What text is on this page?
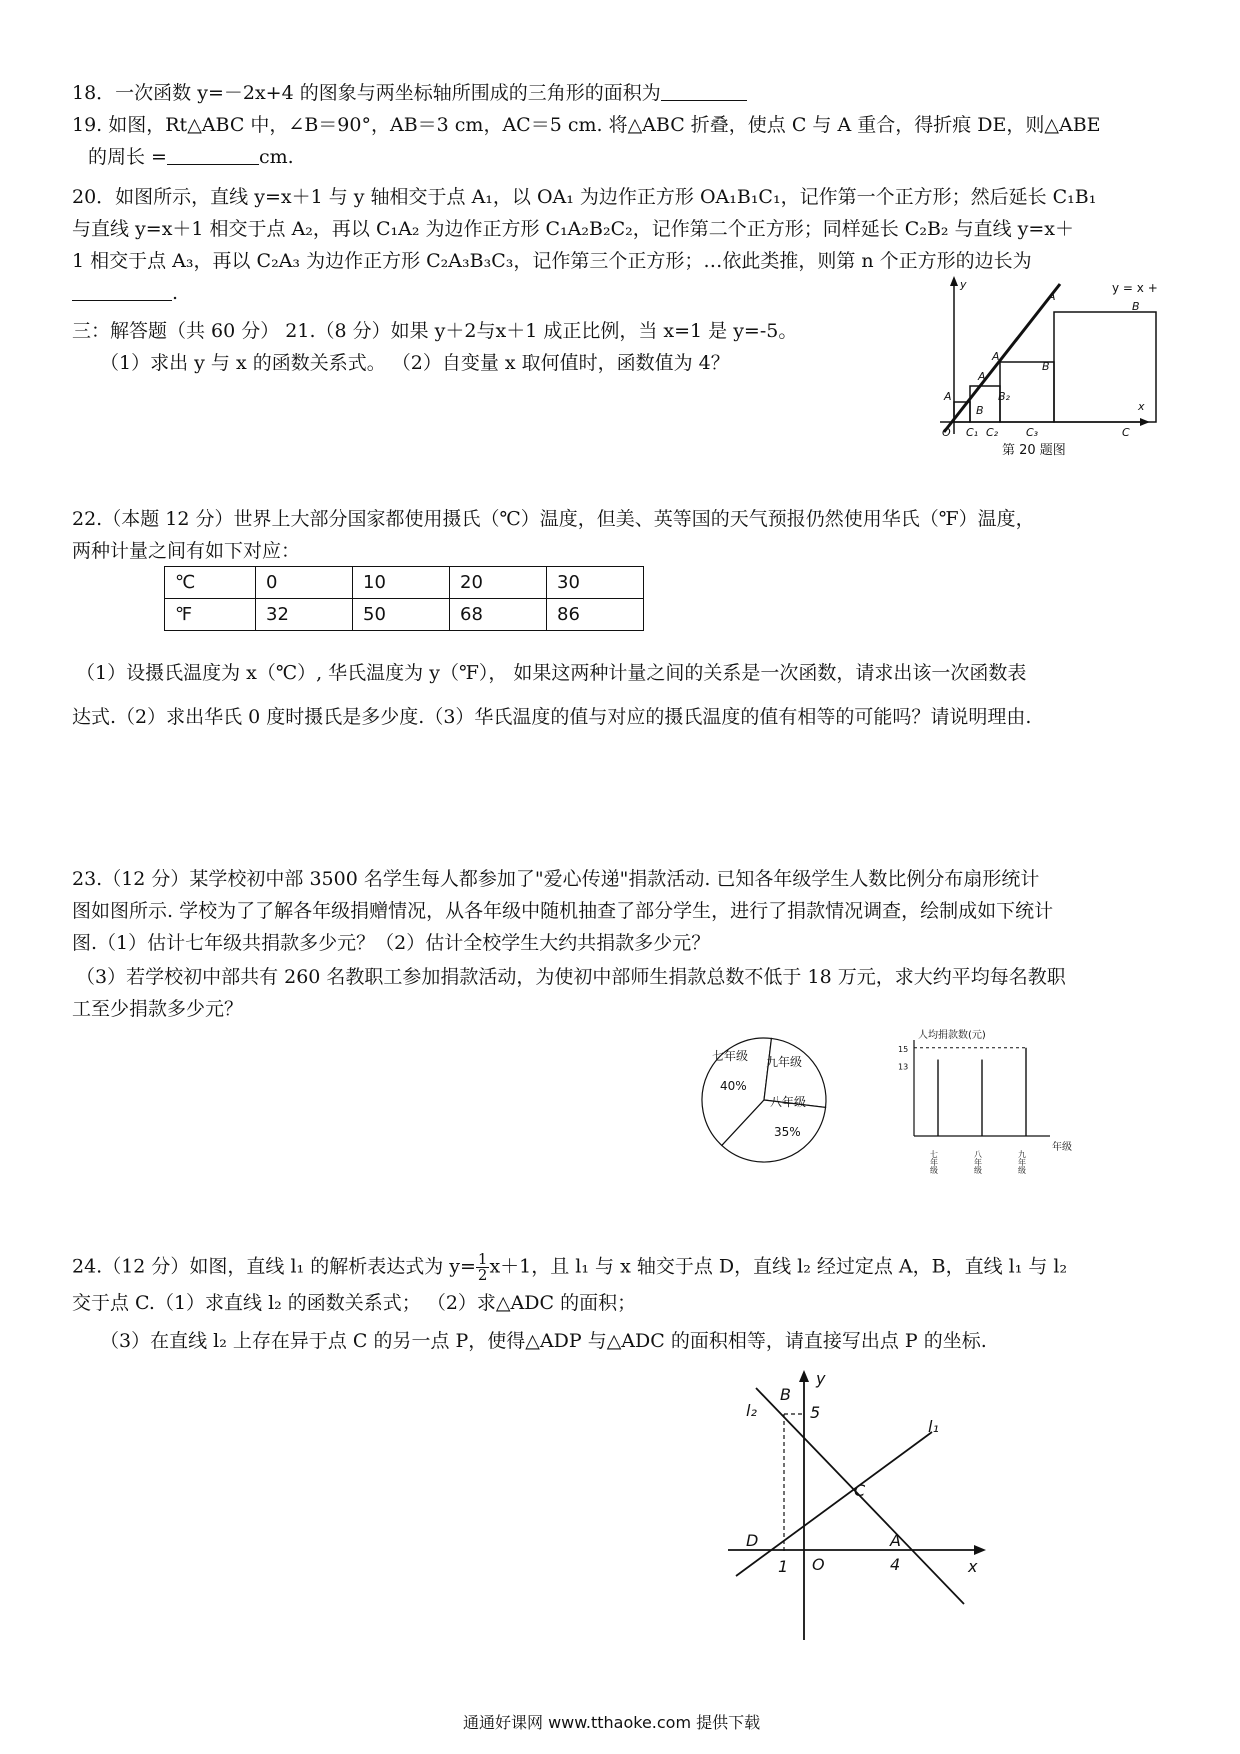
18．一次函数 y=－2x+4 的图象与两坐标轴所围成的三角形的面积为
19. 如图，Rt△ABC 中，∠B＝90°，AB＝3 cm，AC＝5 cm. 将△ABC 折叠，使点 C 与 A 重合，得折痕 DE，则△ABE
的周长 =	cm.
20．如图所示，直线 y=x＋1 与 y 轴相交于点 A₁，以 OA₁ 为边作正方形 OA₁B₁C₁，记作第一个正方形；然后延长 C₁B₁
与直线 y=x＋1 相交于点 A₂，再以 C₁A₂ 为边作正方形 C₁A₂B₂C₂，记作第二个正方形；同样延长 C₂B₂ 与直线 y=x＋
1 相交于点 A₃，再以 C₂A₃ 为边作正方形 C₂A₃B₃C₃，记作第三个正方形；…依此类推，则第 n 个正方形的边长为
.
三：解答题（共 60 分） 21.（8 分）如果 y＋2与x＋1 成正比例，当 x=1 是 y=-5。
（1）求出 y 与 x 的函数关系式。 （2）自变量 x 取何值时，函数值为 4？
y
x
A
B
A
B
A
B₂
A
B
O C₁ C₂	C₃	C
y = x +
第 20 题图
22.（本题 12 分）世界上大部分国家都使用摄氏（℃）温度，但美、英等国的天气预报仍然使用华氏（℉）温度，
两种计量之间有如下对应：
℃	0	10	20	30
℉	32	50	68	86
（1）设摄氏温度为 x（℃）, 华氏温度为 y（℉）， 如果这两种计量之间的关系是一次函数，请求出该一次函数表
达式.（2）求出华氏 0 度时摄氏是多少度.（3）华氏温度的值与对应的摄氏温度的值有相等的可能吗？请说明理由.
23.（12 分）某学校初中部 3500 名学生每人都参加了"爱心传递"捐款活动. 已知各年级学生人数比例分布扇形统计
图如图所示. 学校为了了解各年级捐赠情况，从各年级中随机抽查了部分学生，进行了捐款情况调查，绘制成如下统计
图.（1）估计七年级共捐款多少元？（2）估计全校学生大约共捐款多少元？
（3）若学校初中部共有 260 名教职工参加捐款活动，为使初中部师生捐款总数不低于 18 万元，求大约平均每名教职
工至少捐款多少元？
七年级
40%
九年级
八年级
35%
人均捐款数(元)
年级
七年级	八年级	九年级
15
13
24.（12 分）如图，直线 l₁ 的解析表达式为 $y= \frac{1}{2} x+1$，且 l₁ 与 x 轴交于点 D，直线 l₂ 经过定点 A，B，直线 l₁ 与 l₂
交于点 C.（1）求直线 l₂ 的函数关系式； （2）求△ADC 的面积；
（3）在直线 l₂ 上存在异于点 C 的另一点 P，使得△ADP 与△ADC 的面积相等，请直接写出点 P 的坐标.
y
x
l₂
l₁
B
5
C
D	A
1 O	4
通通好课网 www.tthaoke.com 提供下载
